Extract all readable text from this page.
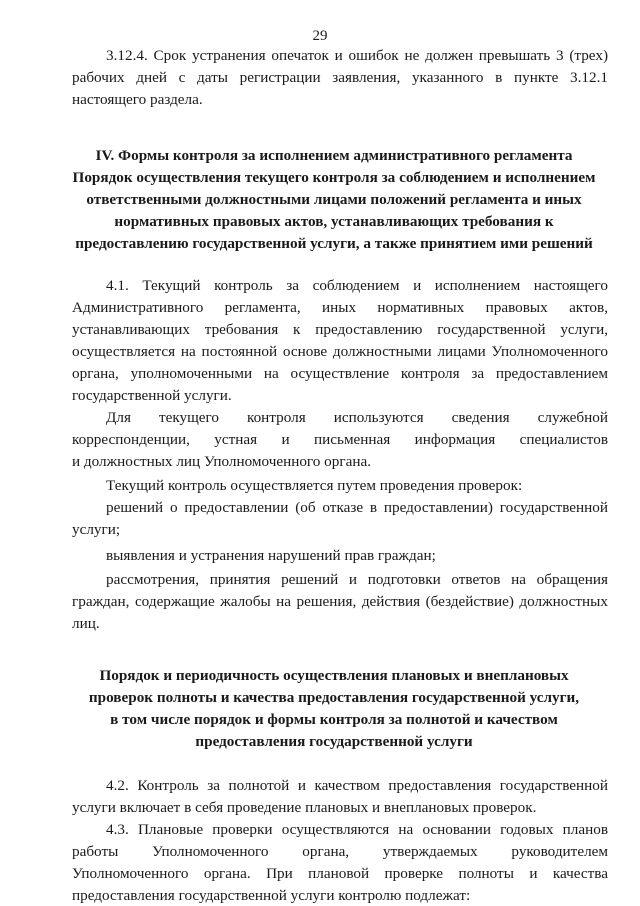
29
3.12.4. Срок устранения опечаток и ошибок не должен превышать 3 (трех)
рабочих дней с даты регистрации заявления, указанного в пункте 3.12.1
настоящего раздела.
IV. Формы контроля за исполнением административного регламента
Порядок осуществления текущего контроля за соблюдением и исполнением
ответственными должностными лицами положений регламента и иных
нормативных правовых актов, устанавливающих требования к
предоставлению государственной услуги, а также принятием ими решений
4.1. Текущий контроль за соблюдением и исполнением настоящего
Административного регламента, иных нормативных правовых актов,
устанавливающих требования к предоставлению государственной услуги,
осуществляется на постоянной основе должностными лицами Уполномоченного
органа, уполномоченными на осуществление контроля за предоставлением
государственной услуги.
Для текущего контроля используются сведения служебной
корреспонденции, устная и письменная информация специалистов
и должностных лиц Уполномоченного органа.
Текущий контроль осуществляется путем проведения проверок:
решений о предоставлении (об отказе в предоставлении) государственной
услуги;
выявления и устранения нарушений прав граждан;
рассмотрения, принятия решений и подготовки ответов на обращения
граждан, содержащие жалобы на решения, действия (бездействие) должностных
лиц.
Порядок и периодичность осуществления плановых и внеплановых
проверок полноты и качества предоставления государственной услуги,
в том числе порядок и формы контроля за полнотой и качеством
предоставления государственной услуги
4.2. Контроль за полнотой и качеством предоставления государственной
услуги включает в себя проведение плановых и внеплановых проверок.
4.3. Плановые проверки осуществляются на основании годовых планов
работы Уполномоченного органа, утверждаемых руководителем
Уполномоченного органа. При плановой проверке полноты и качества
предоставления государственной услуги контролю подлежат:
